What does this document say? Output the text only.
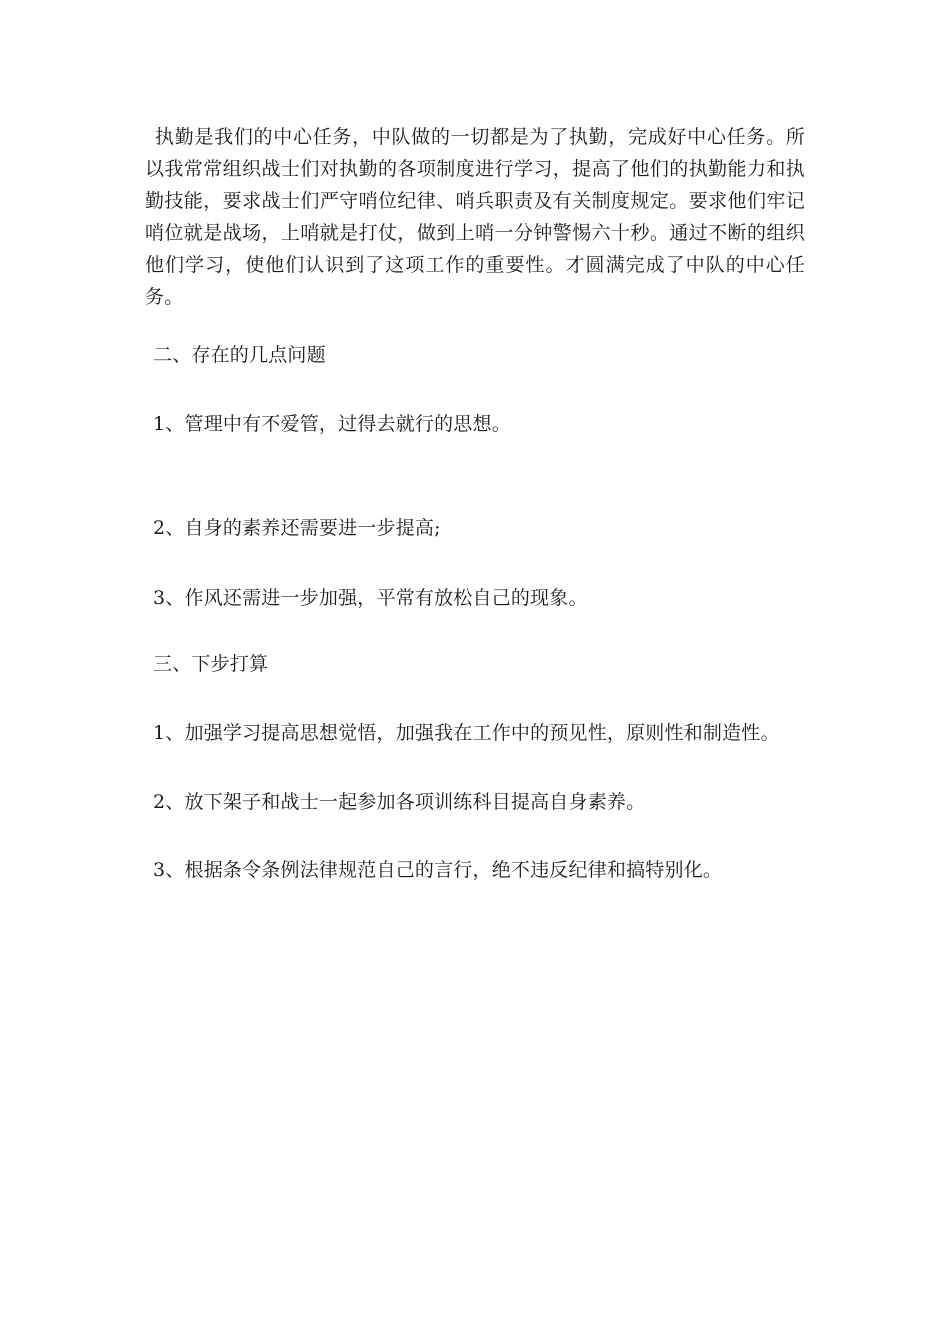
执勤是我们的中心任务，中队做的一切都是为了执勤，完成好中心任务。所以我常常组织战士们对执勤的各项制度进行学习，提高了他们的执勤能力和执勤技能，要求战士们严守哨位纪律、哨兵职责及有关制度规定。要求他们牢记哨位就是战场，上哨就是打仗，做到上哨一分钟警惕六十秒。通过不断的组织他们学习，使他们认识到了这项工作的重要性。才圆满完成了中队的中心任务。

二、存在的几点问题

1、管理中有不爱管，过得去就行的思想。

2、自身的素养还需要进一步提高;

3、作风还需进一步加强，平常有放松自己的现象。

三、下步打算

1、加强学习提高思想觉悟，加强我在工作中的预见性，原则性和制造性。

2、放下架子和战士一起参加各项训练科目提高自身素养。

3、根据条令条例法律规范自己的言行，绝不违反纪律和搞特别化。
